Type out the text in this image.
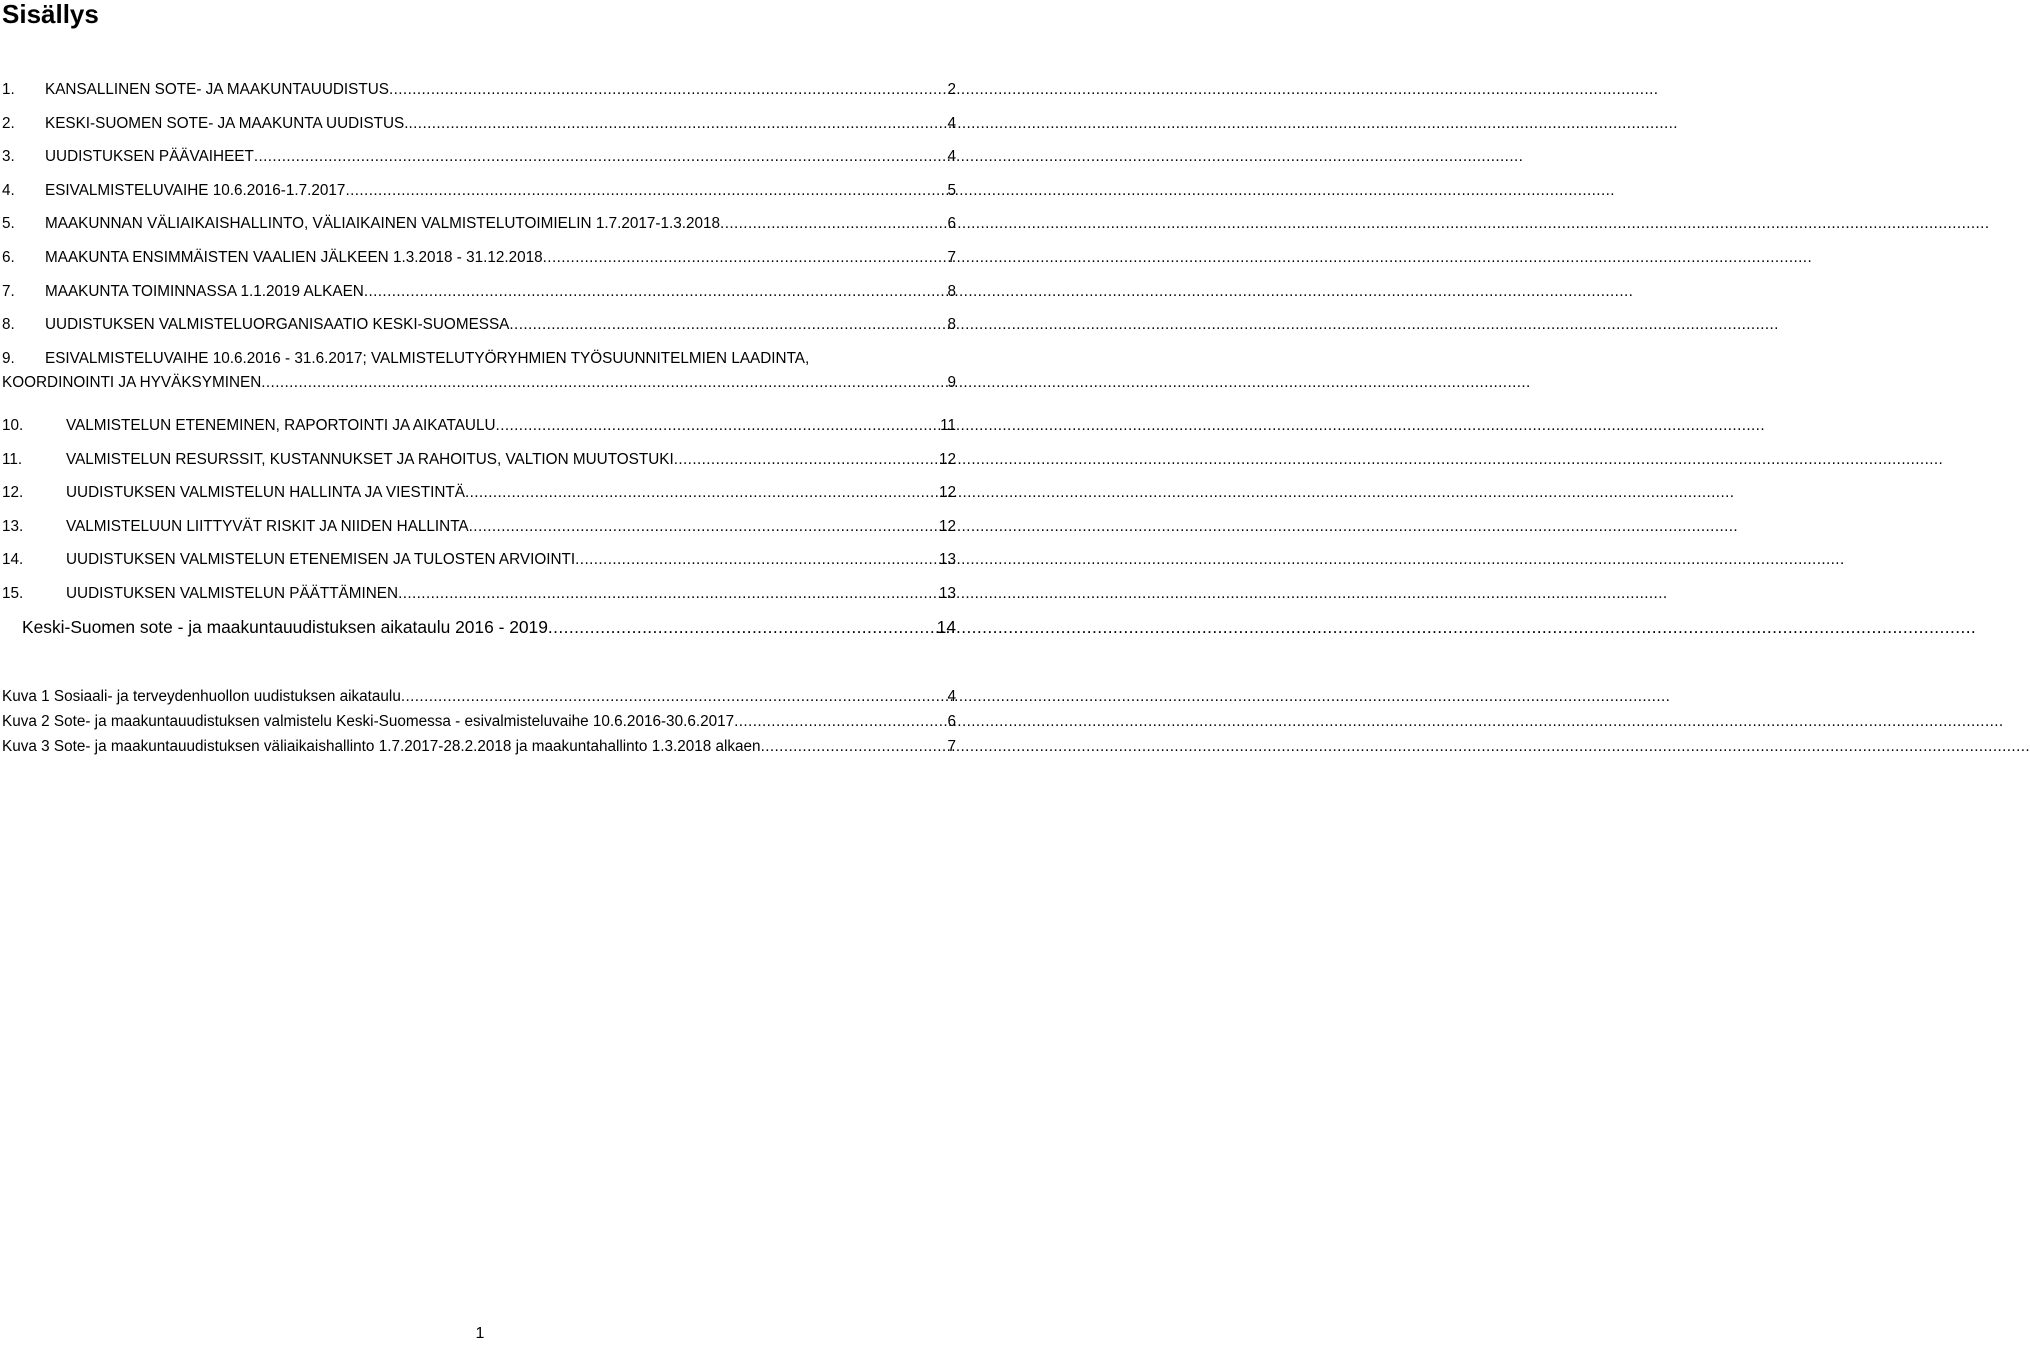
Sisällys
1.	KANSALLINEN SOTE- JA MAAKUNTAUUDISTUS .....	2
2.	KESKI-SUOMEN SOTE- JA MAAKUNTA UUDISTUS. .....	4
3.	UUDISTUKSEN PÄÄVAIHEET .....	4
4.	ESIVALMISTELUVAIHE 10.6.2016-1.7.2017 .....	5
5.	MAAKUNNAN VÄLIAIKAISHALLINTO, VÄLIAIKAINEN VALMISTELUTOIMIELIN 1.7.2017-1.3.2018 .....	6
6.	MAAKUNTA ENSIMMÄISTEN VAALIEN JÄLKEEN 1.3.2018 - 31.12.2018 .....	7
7.	MAAKUNTA TOIMINNASSA 1.1.2019 ALKAEN .....	8
8.	UUDISTUKSEN VALMISTELUORGANISAATIO KESKI-SUOMESSA .....	8
9.	ESIVALMISTELUVAIHE 10.6.2016 - 31.6.2017; VALMISTELUTYÖRYHMIEN TYÖSUUNNITELMIEN LAADINTA,
KOORDINOINTI JA HYVÄKSYMINEN .....	9
10.	VALMISTELUN ETENEMINEN, RAPORTOINTI JA AIKATAULU .....	11
11.	VALMISTELUN RESURSSIT, KUSTANNUKSET JA RAHOITUS, VALTION MUUTOSTUKI .....	12
12.	UUDISTUKSEN VALMISTELUN HALLINTA JA VIESTINTÄ .....	12
13.	VALMISTELUUN LIITTYVÄT RISKIT JA NIIDEN HALLINTA .....	12
14.	UUDISTUKSEN VALMISTELUN ETENEMISEN JA TULOSTEN ARVIOINTI .....	13
15.	UUDISTUKSEN VALMISTELUN PÄÄTTÄMINEN .....	13
Keski-Suomen sote - ja maakuntauudistuksen aikataulu 2016 - 2019 .....	14
Kuva 1 Sosiaali- ja terveydenhuollon uudistuksen aikataulu .....	4
Kuva 2 Sote- ja maakuntauudistuksen valmistelu Keski-Suomessa - esivalmisteluvaihe 10.6.2016-30.6.2017 .....	6
Kuva 3 Sote- ja maakuntauudistuksen väliaikaishallinto 1.7.2017-28.2.2018 ja maakuntahallinto 1.3.2018 alkaen .....	7
1
